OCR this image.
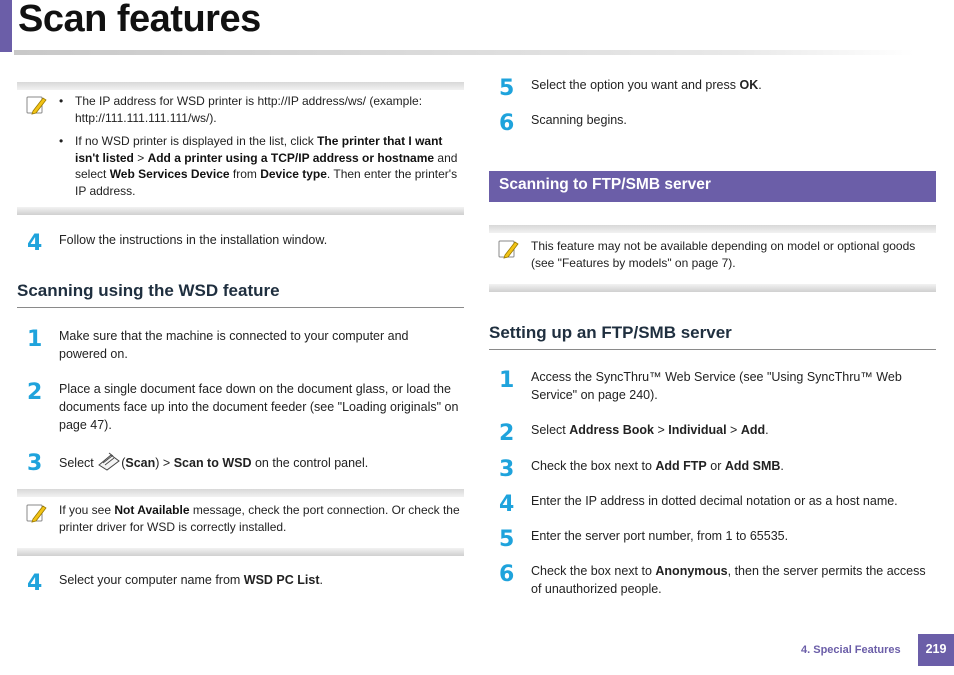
Scan features
• The IP address for WSD printer is http://IP address/ws/ (example: http://111.111.111.111/ws/).
• If no WSD printer is displayed in the list, click The printer that I want isn't listed > Add a printer using a TCP/IP address or hostname and select Web Services Device from Device type. Then enter the printer's IP address.
4 Follow the instructions in the installation window.
Scanning using the WSD feature
1 Make sure that the machine is connected to your computer and powered on.
2 Place a single document face down on the document glass, or load the documents face up into the document feeder (see "Loading originals" on page 47).
3 Select (Scan) > Scan to WSD on the control panel.
If you see Not Available message, check the port connection. Or check the printer driver for WSD is correctly installed.
4 Select your computer name from WSD PC List.
5 Select the option you want and press OK.
6 Scanning begins.
Scanning to FTP/SMB server
This feature may not be available depending on model or optional goods (see "Features by models" on page 7).
Setting up an FTP/SMB server
1 Access the SyncThru™ Web Service (see "Using SyncThru™ Web Service" on page 240).
2 Select Address Book > Individual > Add.
3 Check the box next to Add FTP or Add SMB.
4 Enter the IP address in dotted decimal notation or as a host name.
5 Enter the server port number, from 1 to 65535.
6 Check the box next to Anonymous, then the server permits the access of unauthorized people.
4. Special Features	219
